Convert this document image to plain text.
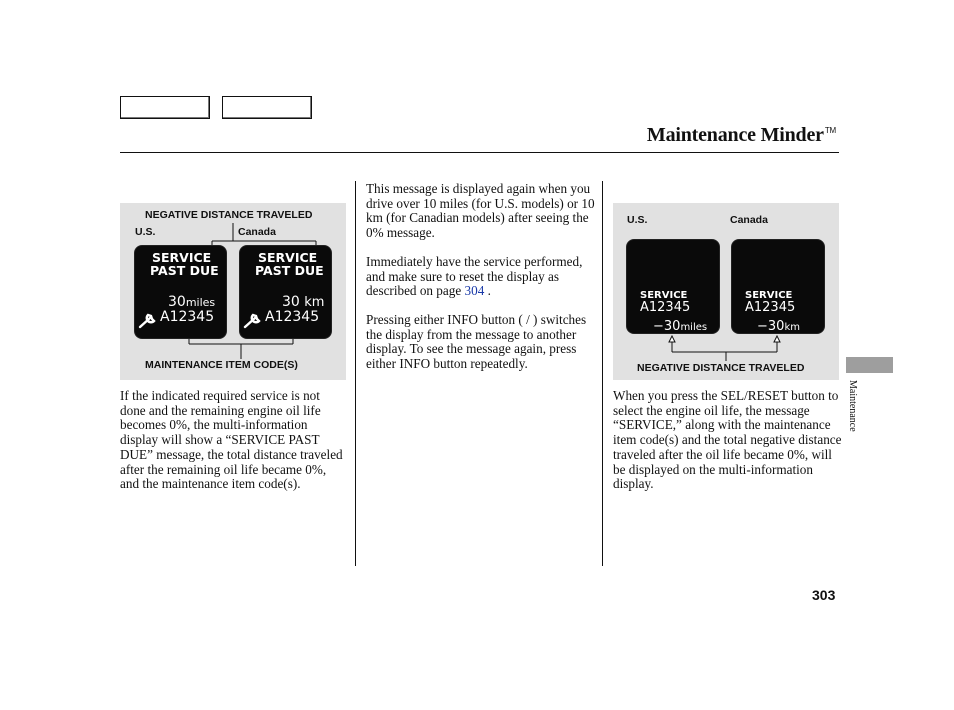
Maintenance Minder™
NEGATIVE DISTANCE TRAVELED
U.S.	Canada
SERVICE
PAST DUE
30miles
A12345
SERVICE
PAST DUE
30 km
A12345
MAINTENANCE ITEM CODE(S)

If the indicated required service is not done and the remaining engine oil life becomes 0%, the multi-information display will show a “SERVICE PAST DUE” message, the total distance traveled after the remaining oil life became 0%, and the maintenance item code(s).

This message is displayed again when you drive over 10 miles (for U.S. models) or 10 km (for Canadian models) after seeing the 0% message.

Immediately have the service performed, and make sure to reset the display as described on page 304 .

Pressing either INFO button ( / ) switches the display from the message to another display. To see the message again, press either INFO button repeatedly.

U.S.	Canada
SERVICE
A12345
−30miles
SERVICE
A12345
−30km
NEGATIVE DISTANCE TRAVELED

When you press the SEL/RESET button to select the engine oil life, the message “SERVICE,” along with the maintenance item code(s) and the total negative distance traveled after the oil life became 0%, will be displayed on the multi-information display.

Maintenance
303
